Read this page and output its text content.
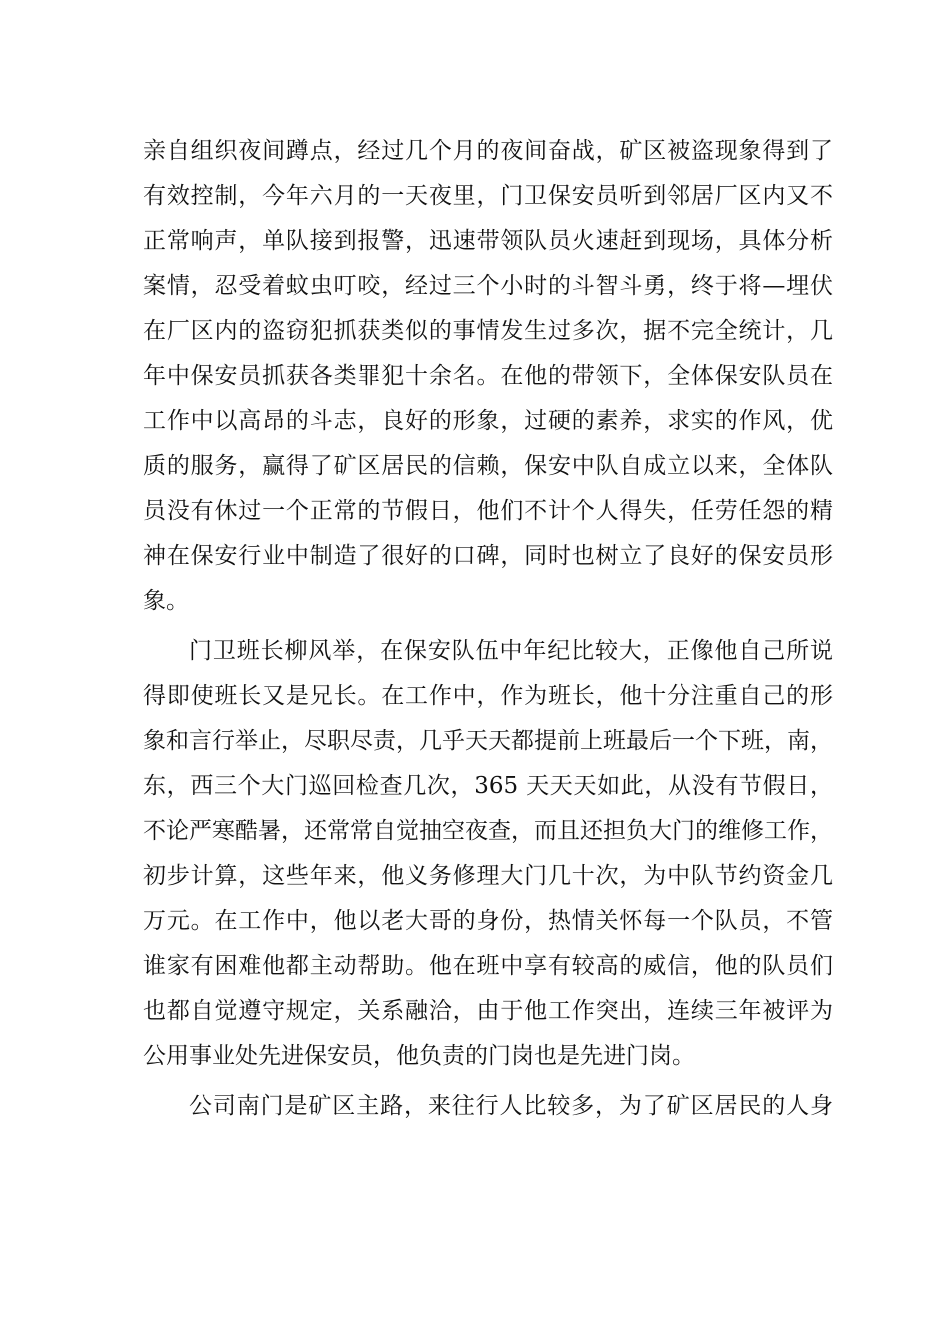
亲自组织夜间蹲点，经过几个月的夜间奋战，矿区被盗现象得到了
有效控制，今年六月的一天夜里，门卫保安员听到邻居厂区内又不
正常响声，单队接到报警，迅速带领队员火速赶到现场，具体分析
案情，忍受着蚊虫叮咬，经过三个小时的斗智斗勇，终于将—埋伏
在厂区内的盗窃犯抓获类似的事情发生过多次，据不完全统计，几
年中保安员抓获各类罪犯十余名。在他的带领下，全体保安队员在
工作中以高昂的斗志，良好的形象，过硬的素养，求实的作风，优
质的服务，赢得了矿区居民的信赖，保安中队自成立以来，全体队
员没有休过一个正常的节假日，他们不计个人得失，任劳任怨的精
神在保安行业中制造了很好的口碑，同时也树立了良好的保安员形
象。
门卫班长柳风举，在保安队伍中年纪比较大，正像他自己所说
得即使班长又是兄长。在工作中，作为班长，他十分注重自己的形
象和言行举止，尽职尽责，几乎天天都提前上班最后一个下班，南，
东，西三个大门巡回检查几次，365 天天天如此，从没有节假日，
不论严寒酷暑，还常常自觉抽空夜查，而且还担负大门的维修工作，
初步计算，这些年来，他义务修理大门几十次，为中队节约资金几
万元。在工作中，他以老大哥的身份，热情关怀每一个队员，不管
谁家有困难他都主动帮助。他在班中享有较高的威信，他的队员们
也都自觉遵守规定，关系融洽，由于他工作突出，连续三年被评为
公用事业处先进保安员，他负责的门岗也是先进门岗。
公司南门是矿区主路，来往行人比较多，为了矿区居民的人身
